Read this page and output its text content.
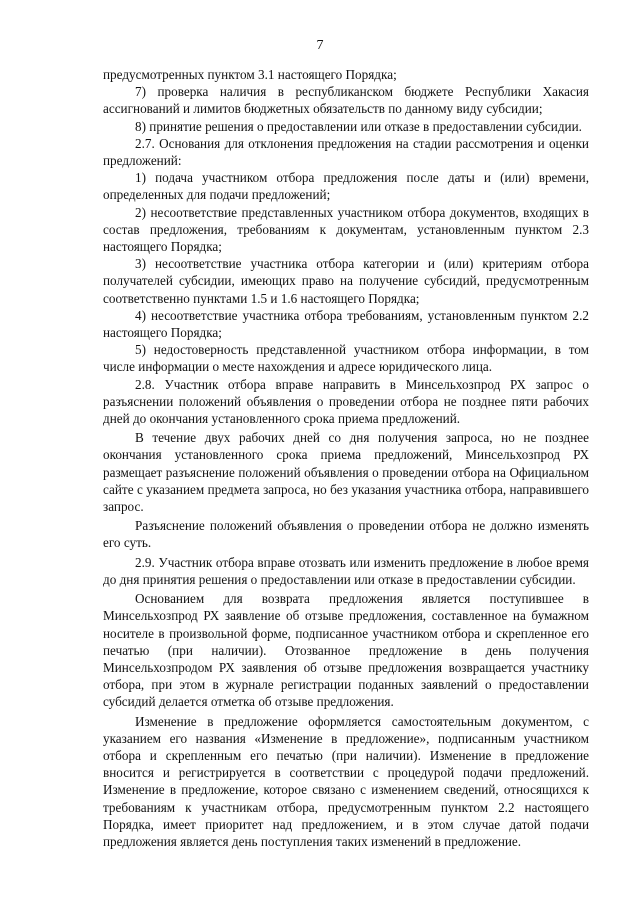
7

предусмотренных пунктом 3.1 настоящего Порядка;

7) проверка наличия в республиканском бюджете Республики Хакасия ассигнований и лимитов бюджетных обязательств по данному виду субсидии;

8) принятие решения о предоставлении или отказе в предоставлении субсидии.

2.7. Основания для отклонения предложения на стадии рассмотрения и оценки предложений:

1) подача участником отбора предложения после даты и (или) времени, определенных для подачи предложений;

2) несоответствие представленных участником отбора документов, входящих в состав предложения, требованиям к документам, установленным пунктом 2.3 настоящего Порядка;

3) несоответствие участника отбора категории и (или) критериям отбора получателей субсидии, имеющих право на получение субсидий, предусмотренным соответственно пунктами 1.5 и 1.6 настоящего Порядка;

4) несоответствие участника отбора требованиям, установленным пунктом 2.2 настоящего Порядка;

5) недостоверность представленной участником отбора информации, в том числе информации о месте нахождения и адресе юридического лица.

2.8. Участник отбора вправе направить в Минсельхозпрод РХ запрос о разъяснении положений объявления о проведении отбора не позднее пяти рабочих дней до окончания установленного срока приема предложений.

В течение двух рабочих дней со дня получения запроса, но не позднее окончания установленного срока приема предложений, Минсельхозпрод РХ размещает разъяснение положений объявления о проведении отбора на Официальном сайте с указанием предмета запроса, но без указания участника отбора, направившего запрос.

Разъяснение положений объявления о проведении отбора не должно изменять его суть.

2.9. Участник отбора вправе отозвать или изменить предложение в любое время до дня принятия решения о предоставлении или отказе в предоставлении субсидии.

Основанием для возврата предложения является поступившее в Минсельхозпрод РХ заявление об отзыве предложения, составленное на бумажном носителе в произвольной форме, подписанное участником отбора и скрепленное его печатью (при наличии). Отозванное предложение в день получения Минсельхозпродом РХ заявления об отзыве предложения возвращается участнику отбора, при этом в журнале регистрации поданных заявлений о предоставлении субсидий делается отметка об отзыве предложения.

Изменение в предложение оформляется самостоятельным документом, с указанием его названия «Изменение в предложение», подписанным участником отбора и скрепленным его печатью (при наличии). Изменение в предложение вносится и регистрируется в соответствии с процедурой подачи предложений. Изменение в предложение, которое связано с изменением сведений, относящихся к требованиям к участникам отбора, предусмотренным пунктом 2.2 настоящего Порядка, имеет приоритет над предложением, и в этом случае датой подачи предложения является день поступления таких изменений в предложение.
